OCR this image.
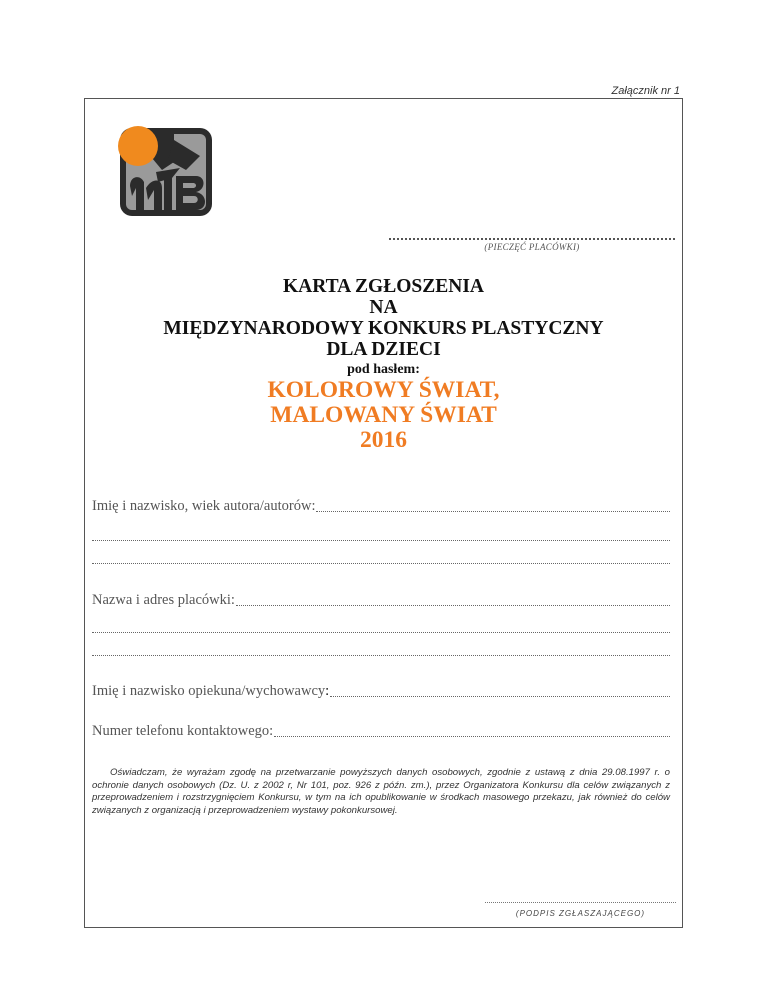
Załącznik nr 1
(PIECZĘĆ PLACÓWKI)
KARTA ZGŁOSZENIA
NA
MIĘDZYNARODOWY KONKURS PLASTYCZNY
DLA DZIECI
pod hasłem:
KOLOROWY ŚWIAT,
MALOWANY ŚWIAT
2016
Imię i nazwisko, wiek autora/autorów:
Nazwa i adres placówki:
Imię i nazwisko opiekuna/wychowawcy :
Numer telefonu kontaktowego:
Oświadczam, że wyrażam zgodę na przetwarzanie powyższych danych osobowych, zgodnie z ustawą z dnia 29.08.1997 r. o ochronie danych osobowych (Dz. U. z 2002 r, Nr 101, poz. 926 z późn. zm.), przez Organizatora Konkursu dla celów związanych z przeprowadzeniem i rozstrzygnięciem Konkursu, w tym na ich opublikowanie w środkach masowego przekazu, jak również do celów związanych z organizacją i przeprowadzeniem wystawy pokonkursowej.
(PODPIS ZGŁASZAJĄCEGO)
